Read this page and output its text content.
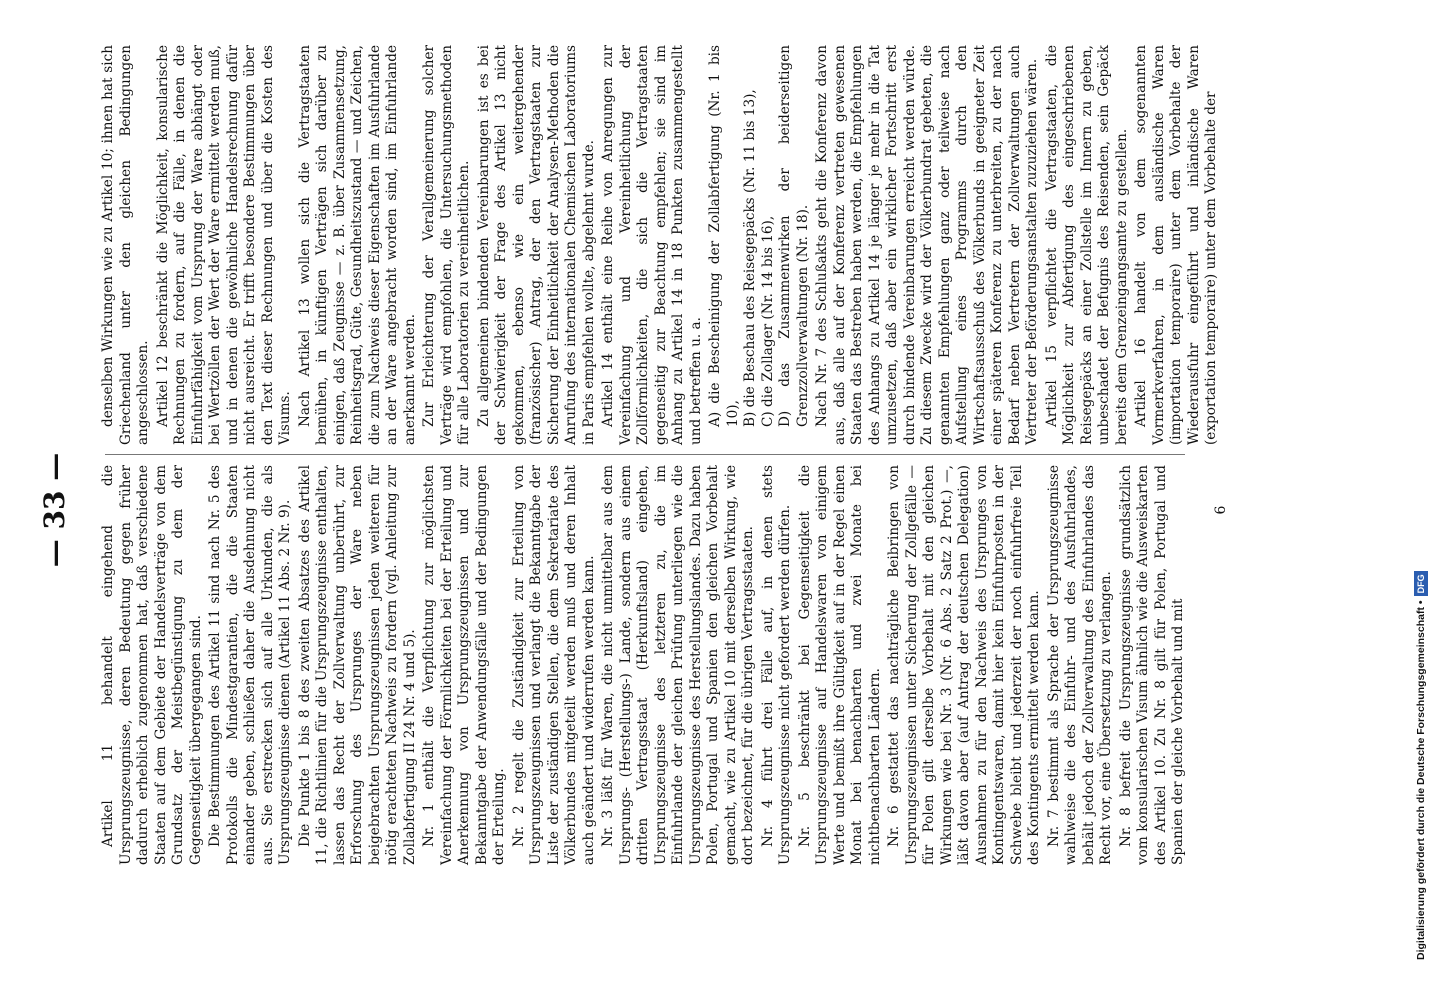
— 33 —	Artikel 11 behandelt eingehend die Ursprungszeugnisse, deren Bedeutung gegen früher dadurch erheblich zugenommen hat, daß verschiedene Staaten auf dem Gebiete der Handelsverträge von dem Grundsatz der Meistbegünstigung zu dem der Gegenseitigkeit übergegangen sind. Die Bestimmungen des Artikel 11 sind nach Nr. 5 des Protokolls die Mindestgarantien, die die Staaten einander geben, schließen daher die Ausdehnung nicht aus. Sie erstrecken sich auf alle Urkunden, die als Ursprungszeugnisse dienen (Artikel 11 Abs. 2 Nr. 9). Die Punkte 1 bis 8 des zweiten Absatzes des Artikel 11, die Richtlinien für die Ursprungszeugnisse enthalten, lassen das Recht der Zollverwaltung unberührt, zur Erforschung des Ursprunges der Ware neben beigebrachten Ursprungszeugnissen jeden weiteren für nötig erachteten Nachweis zu fordern (vgl. Anleitung zur Zollabfertigung II 24 Nr. 4 und 5). Nr. 1 enthält die Verpflichtung zur möglichsten Vereinfachung der Förmlichkeiten bei der Erteilung und Anerkennung von Ursprungszeugnissen und zur Bekanntgabe der Anwendungsfälle und der Bedingungen der Erteilung. Nr. 2 regelt die Zuständigkeit zur Erteilung von Ursprungszeugnissen und verlangt die Bekanntgabe der Liste der zuständigen Stellen, die dem Sekretariate des Völkerbundes mitgeteilt werden muß und deren Inhalt auch geändert und widerrufen werden kann. Nr. 3 läßt für Waren, die nicht unmittelbar aus dem Ursprungs- (Herstellungs-) Lande, sondern aus einem dritten Vertragsstaat (Herkunftsland) eingehen, Ursprungszeugnisse des letzteren zu, die im Einfuhrlande der gleichen Prüfung unterliegen wie die Ursprungszeugnisse des Herstellungslandes. Dazu haben Polen, Portugal und Spanien den gleichen Vorbehalt gemacht, wie zu Artikel 10 mit derselben Wirkung, wie dort bezeichnet, für die übrigen Vertragsstaaten. Nr. 4 führt drei Fälle auf, in denen stets Ursprungszeugnisse nicht gefordert werden dürfen. Nr. 5 beschränkt bei Gegenseitigkeit die Ursprungszeugnisse auf Handelswaren von einigem Werte und bemißt ihre Gültigkeit auf in der Regel einen Monat bei benachbarten und zwei Monate bei nichtbenachbarten Ländern. Nr. 6 gestattet das nachträgliche Beibringen von Ursprungszeugnissen unter Sicherung der Zollgefälle — für Polen gilt derselbe Vorbehalt mit den gleichen Wirkungen wie bei Nr. 3 (Nr. 6 Abs. 2 Satz 2 Prot.) —, läßt davon aber (auf Antrag der deutschen Delegation) Ausnahmen zu für den Nachweis des Ursprunges von Kontingentswaren, damit hier kein Einfuhrposten in der Schwebe bleibt und jederzeit der noch einfuhrfreie Teil des Kontingents ermittelt werden kann. Nr. 7 bestimmt als Sprache der Ursprungszeugnisse wahlweise die des Einfuhr- und des Ausfuhrlandes, behält jedoch der Zollverwaltung des Einfuhrlandes das Recht vor, eine Übersetzung zu verlangen. Nr. 8 befreit die Ursprungszeugnisse grundsätzlich vom konsularischen Visum ähnlich wie die Ausweiskarten des Artikel 10. Zu Nr. 8 gilt für Polen, Portugal und Spanien der gleiche Vorbehalt und mit

denselben Wirkungen wie zu Artikel 10; ihnen hat sich Griechenland unter den gleichen Bedingungen angeschlossen. Artikel 12 beschränkt die Möglichkeit, konsularische Rechnungen zu fordern, auf die Fälle, in denen die Einfuhrfähigkeit vom Ursprung der Ware abhängt oder bei Wertzöllen der Wert der Ware ermittelt werden muß, und in denen die gewöhnliche Handelsrechnung dafür nicht ausreicht. Er trifft besondere Bestimmungen über den Text dieser Rechnungen und über die Kosten des Visums. Nach Artikel 13 wollen sich die Vertragstaaten bemühen, in künftigen Verträgen sich darüber zu einigen, daß Zeugnisse — z. B. über Zusammensetzung, Reinheitsgrad, Güte, Gesundheitszustand — und Zeichen, die zum Nachweis dieser Eigenschaften im Ausfuhrlande an der Ware angebracht worden sind, im Einfuhrlande anerkannt werden. Zur Erleichterung der Verallgemeinerung solcher Verträge wird empfohlen, die Untersuchungsmethoden für alle Laboratorien zu vereinheitlichen. Zu allgemeinen bindenden Vereinbarungen ist es bei der Schwierigkeit der Frage des Artikel 13 nicht gekommen, ebenso wie ein weitergehender (französischer) Antrag, der den Vertragstaaten zur Sicherung der Einheitlichkeit der Analysen-Methoden die Anrufung des internationalen Chemischen Laboratoriums in Paris empfehlen wollte, abgelehnt wurde. Artikel 14 enthält eine Reihe von Anregungen zur Vereinfachung und Vereinheitlichung der Zollförmlichkeiten, die sich die Vertragstaaten gegenseitig zur Beachtung empfehlen; sie sind im Anhang zu Artikel 14 in 18 Punkten zusammengestellt und betreffen u. a. A) die Bescheinigung der Zollabfertigung (Nr. 1 bis 10), B) die Beschau des Reisegepäcks (Nr. 11 bis 13), C) die Zollager (Nr. 14 bis 16), D) das Zusammenwirken der beiderseitigen Grenzzollverwaltungen (Nr. 18). Nach Nr. 7 des Schlußakts geht die Konferenz davon aus, daß alle auf der Konferenz vertreten gewesenen Staaten das Bestreben haben werden, die Empfehlungen des Anhangs zu Artikel 14 je länger je mehr in die Tat umzusetzen, daß aber ein wirklicher Fortschritt erst durch bindende Vereinbarungen erreicht werden würde. Zu diesem Zwecke wird der Völkerbundrat gebeten, die genannten Empfehlungen ganz oder teilweise nach Aufstellung eines Programms durch den Wirtschaftsausschuß des Völkerbunds in geeigneter Zeit einer späteren Konferenz zu unterbreiten, zu der nach Bedarf neben Vertretern der Zollverwaltungen auch Vertreter der Beförderungsanstalten zuzuziehen wären. Artikel 15 verpflichtet die Vertragstaaten, die Möglichkeit zur Abfertigung des eingeschriebenen Reisegepäcks an einer Zollstelle im Innern zu geben, unbeschadet der Befugnis des Reisenden, sein Gepäck bereits dem Grenzeingangsamte zu gestellen. Artikel 16 handelt von dem sogenannten Vormerkverfahren, in dem ausländische Waren (importation temporaire) unter dem Vorbehalte der Wiederausfuhr eingeführt und inländische Waren (exportation temporaire) unter dem Vorbehalte der

6
Digitalisierung gefördert durch die Deutsche Forschungsgemeinschaft •DFG
